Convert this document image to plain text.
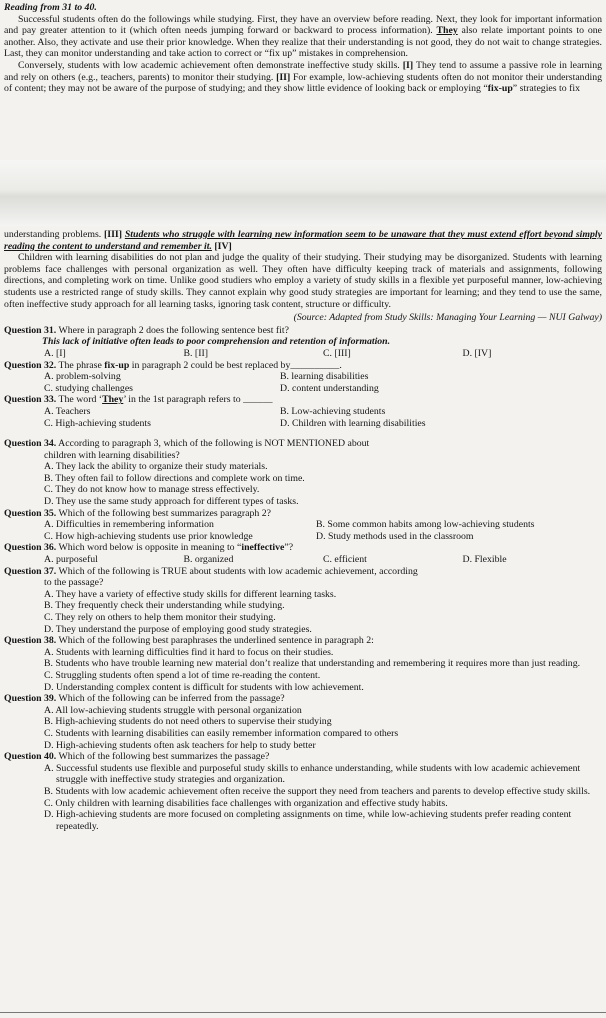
Reading from 31 to 40.

Successful students often do the followings while studying. First, they have an overview before reading. Next, they look for important information and pay greater attention to it (which often needs jumping forward or backward to process information). They also relate important points to one another. Also, they activate and use their prior knowledge. When they realize that their understanding is not good, they do not wait to change strategies. Last, they can monitor understanding and take action to correct or “fix up” mistakes in comprehension.

Conversely, students with low academic achievement often demonstrate ineffective study skills. [I] They tend to assume a passive role in learning and rely on others (e.g., teachers, parents) to monitor their studying. [II] For example, low-achieving students often do not monitor their understanding of content; they may not be aware of the purpose of studying; and they show little evidence of looking back or employing “fix-up” strategies to fix

understanding problems. [III] Students who struggle with learning new information seem to be unaware that they must extend effort beyond simply reading the content to understand and remember it. [IV]

Children with learning disabilities do not plan and judge the quality of their studying. Their studying may be disorganized. Students with learning problems face challenges with personal organization as well. They often have difficulty keeping track of materials and assignments, following directions, and completing work on time. Unlike good studiers who employ a variety of study skills in a flexible yet purposeful manner, low-achieving students use a restricted range of study skills. They cannot explain why good study strategies are important for learning; and they tend to use the same, often ineffective study approach for all learning tasks, ignoring task content, structure or difficulty.

(Source: Adapted from Study Skills: Managing Your Learning — NUI Galway)

Question 31. Where in paragraph 2 does the following sentence best fit?
This lack of initiative often leads to poor comprehension and retention of information.
A. [I]	B. [II]	C. [III]	D. [IV]
Question 32. The phrase fix-up in paragraph 2 could be best replaced by__________.
A. problem-solving	B. learning disabilities
C. studying challenges	D. content understanding
Question 33. The word ‘They’ in the 1st paragraph refers to ______
A. Teachers	B. Low-achieving students
C. High-achieving students	D. Children with learning disabilities
Question 34. According to paragraph 3, which of the following is NOT MENTIONED about
children with learning disabilities?
A. They lack the ability to organize their study materials.
B. They often fail to follow directions and complete work on time.
C. They do not know how to manage stress effectively.
D. They use the same study approach for different types of tasks.
Question 35. Which of the following best summarizes paragraph 2?
A. Difficulties in remembering information	B. Some common habits among low-achieving students
C. How high-achieving students use prior knowledge	D. Study methods used in the classroom
Question 36. Which word below is opposite in meaning to “ineffective”?
A. purposeful	B. organized	C. efficient	D. Flexible
Question 37. Which of the following is TRUE about students with low academic achievement, according
to the passage?
A. They have a variety of effective study skills for different learning tasks.
B. They frequently check their understanding while studying.
C. They rely on others to help them monitor their studying.
D. They understand the purpose of employing good study strategies.
Question 38. Which of the following best paraphrases the underlined sentence in paragraph 2:
A. Students with learning difficulties find it hard to focus on their studies.
B. Students who have trouble learning new material don’t realize that understanding and remembering it requires more than just reading.
C. Struggling students often spend a lot of time re-reading the content.
D. Understanding complex content is difficult for students with low achievement.
Question 39. Which of the following can be inferred from the passage?
A. All low-achieving students struggle with personal organization
B. High-achieving students do not need others to supervise their studying
C. Students with learning disabilities can easily remember information compared to others
D. High-achieving students often ask teachers for help to study better
Question 40. Which of the following best summarizes the passage?
A. Successful students use flexible and purposeful study skills to enhance understanding, while students with low academic achievement struggle with ineffective study strategies and organization.
B. Students with low academic achievement often receive the support they need from teachers and parents to develop effective study skills.
C. Only children with learning disabilities face challenges with organization and effective study habits.
D. High-achieving students are more focused on completing assignments on time, while low-achieving students prefer reading content repeatedly.
